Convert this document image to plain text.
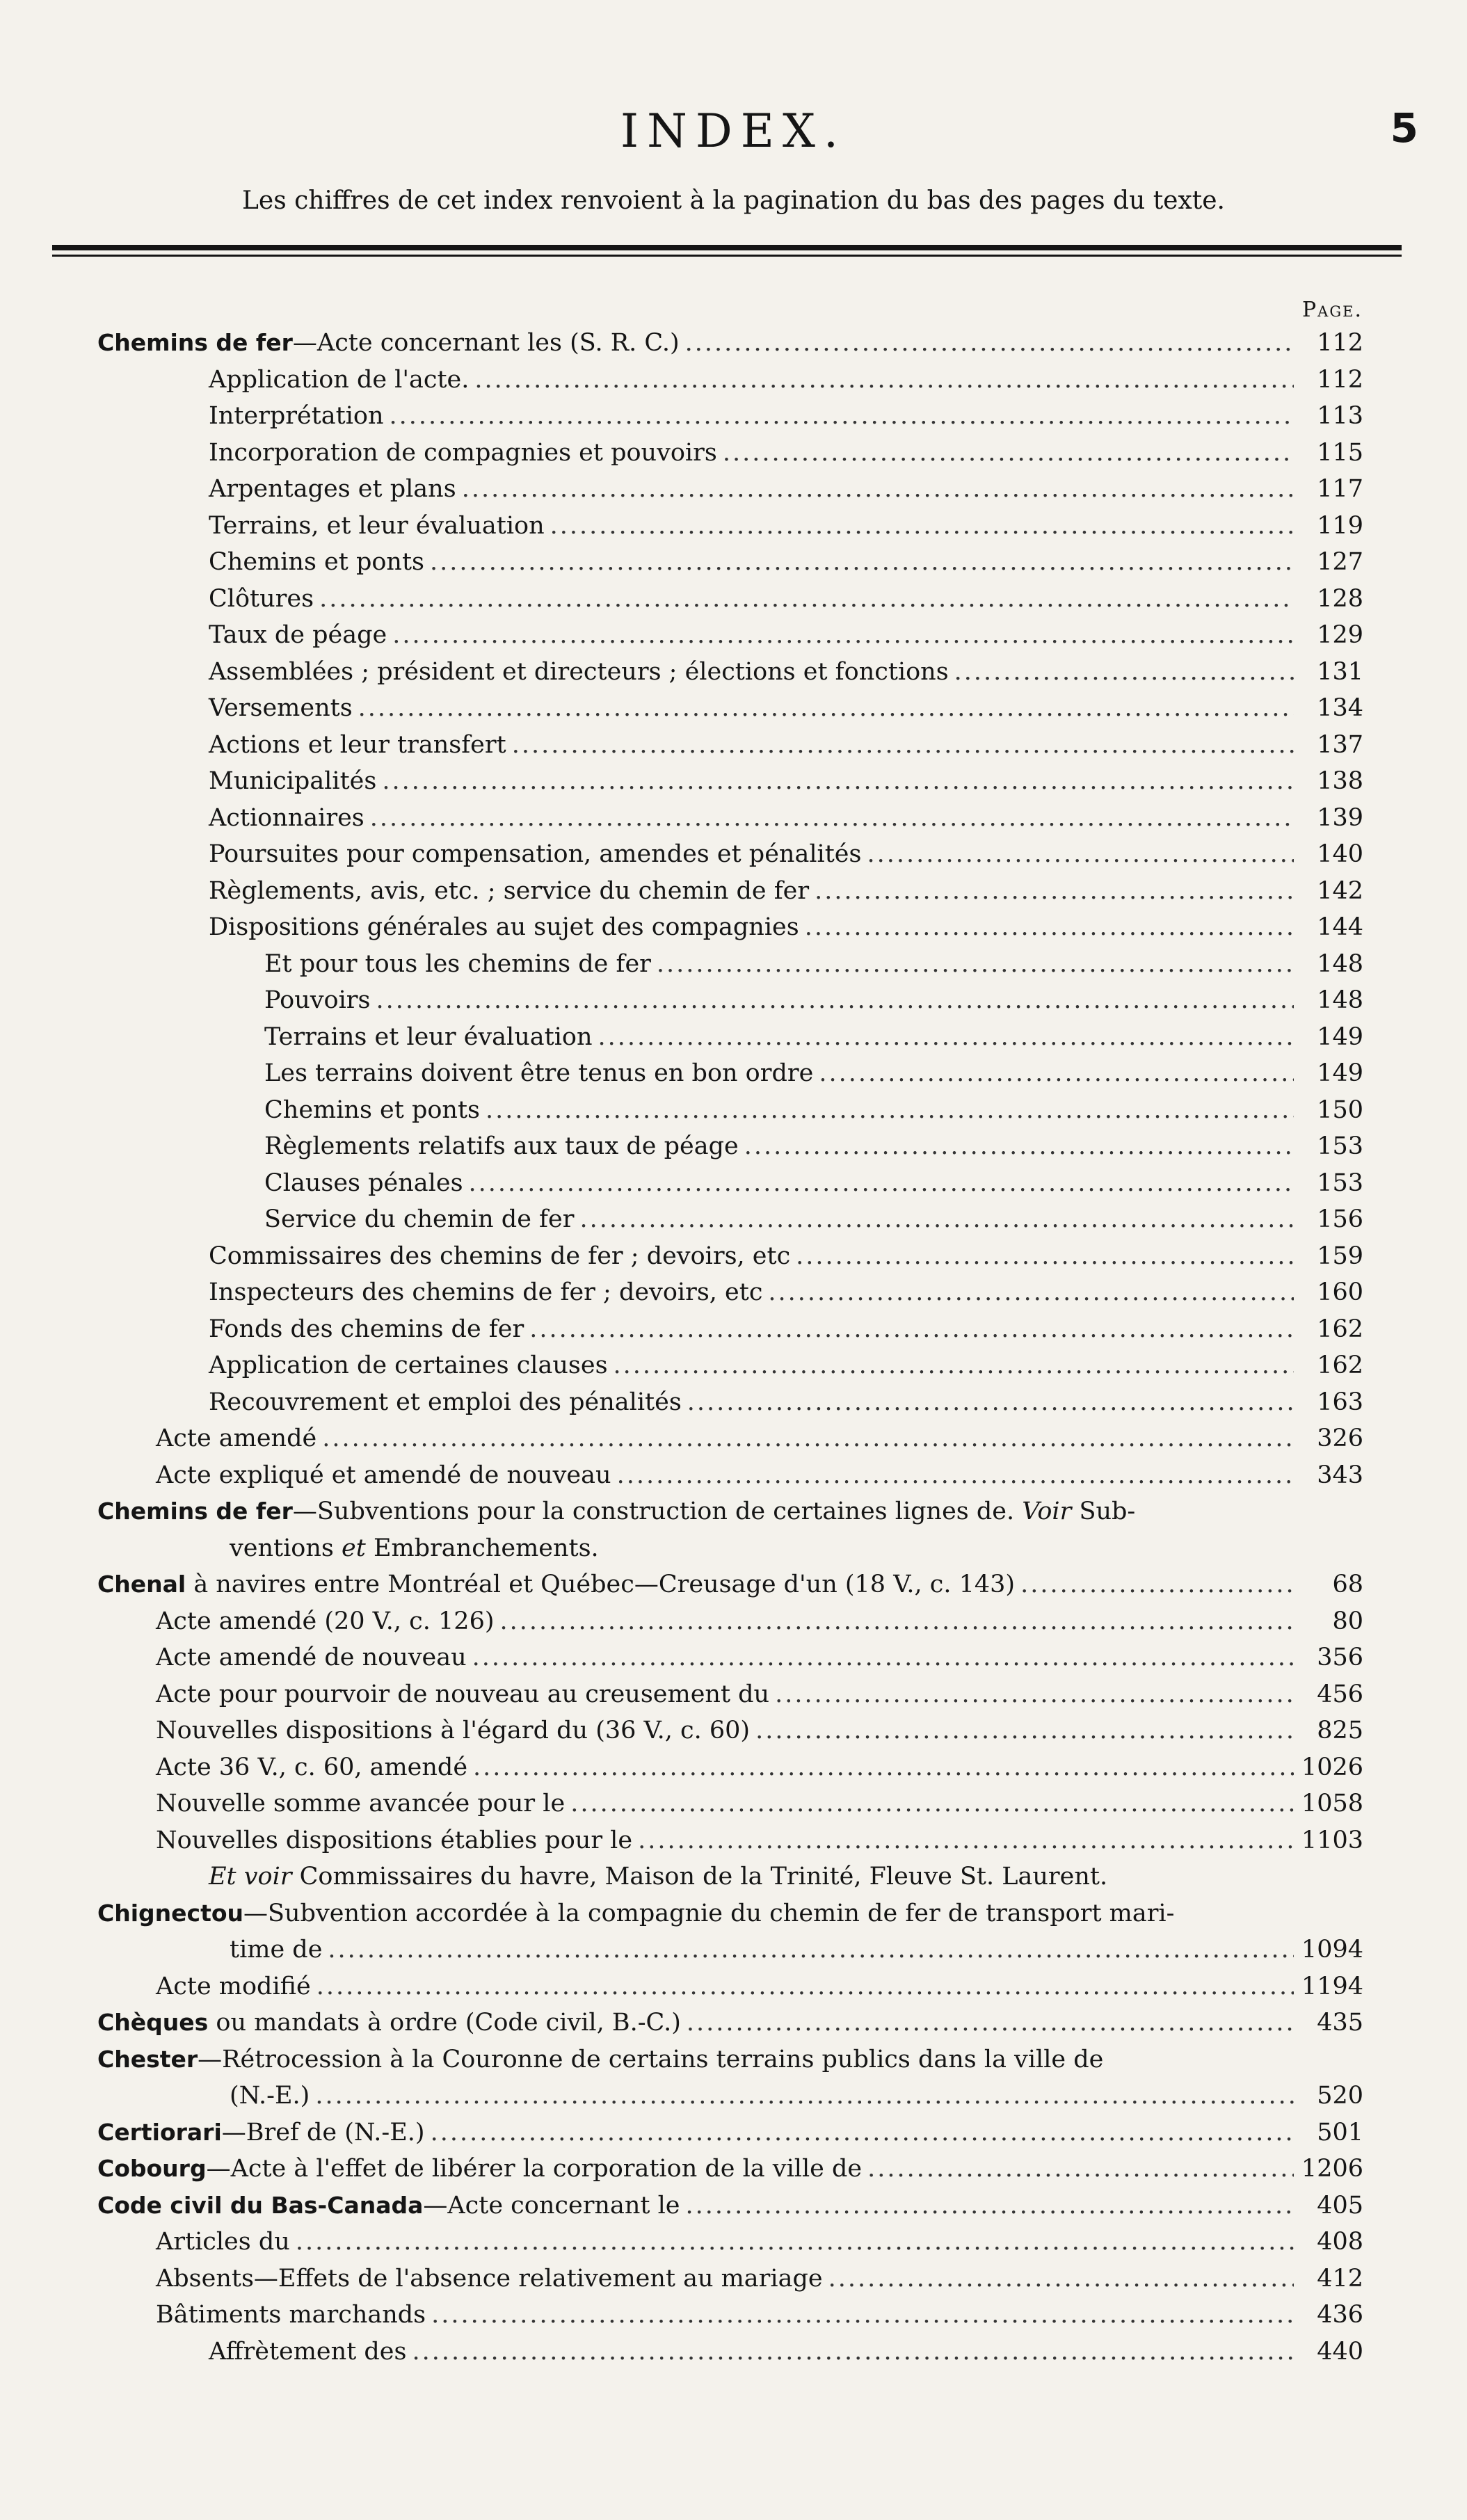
INDEX.	5
Les chiffres de cet index renvoient à la pagination du bas des pages du texte.
Page.
Chemins de fer—Acte concernant les (S. R. C.) .....	112
Application de l'acte. .....	112
Interprétation .....	113
Incorporation de compagnies et pouvoirs .....	115
Arpentages et plans .....	117
Terrains, et leur évaluation .....	119
Chemins et ponts .....	127
Clôtures .....	128
Taux de péage .....	129
Assemblées ; président et directeurs ; élections et fonctions .....	131
Versements .....	134
Actions et leur transfert .....	137
Municipalités .....	138
Actionnaires .....	139
Poursuites pour compensation, amendes et pénalités .....	140
Règlements, avis, etc. ; service du chemin de fer .....	142
Dispositions générales au sujet des compagnies .....	144
Et pour tous les chemins de fer .....	148
Pouvoirs .....	148
Terrains et leur évaluation .....	149
Les terrains doivent être tenus en bon ordre .....	149
Chemins et ponts .....	150
Règlements relatifs aux taux de péage .....	153
Clauses pénales .....	153
Service du chemin de fer .....	156
Commissaires des chemins de fer ; devoirs, etc .....	159
Inspecteurs des chemins de fer ; devoirs, etc .....	160
Fonds des chemins de fer .....	162
Application de certaines clauses .....	162
Recouvrement et emploi des pénalités .....	163
Acte amendé .....	326
Acte expliqué et amendé de nouveau .....	343
Chemins de fer—Subventions pour la construction de certaines lignes de. Voir Sub-
ventions et Embranchements.
Chenal à navires entre Montréal et Québec—Creusage d'un (18 V., c. 143) .....	68
Acte amendé (20 V., c. 126) .....	80
Acte amendé de nouveau .....	356
Acte pour pourvoir de nouveau au creusement du .....	456
Nouvelles dispositions à l'égard du (36 V., c. 60) .....	825
Acte 36 V., c. 60, amendé .....	1026
Nouvelle somme avancée pour le .....	1058
Nouvelles dispositions établies pour le .....	1103
Et voir Commissaires du havre, Maison de la Trinité, Fleuve St. Laurent.
Chignectou—Subvention accordée à la compagnie du chemin de fer de transport mari-
time de .....	1094
Acte modifié .....	1194
Chèques ou mandats à ordre (Code civil, B.-C.) .....	435
Chester—Rétrocession à la Couronne de certains terrains publics dans la ville de
(N.-E.) .....	520
Certiorari—Bref de (N.-E.) .....	501
Cobourg—Acte à l'effet de libérer la corporation de la ville de .....	1206
Code civil du Bas-Canada—Acte concernant le .....	405
Articles du .....	408
Absents—Effets de l'absence relativement au mariage .....	412
Bâtiments marchands .....	436
Affrètement des .....	440
